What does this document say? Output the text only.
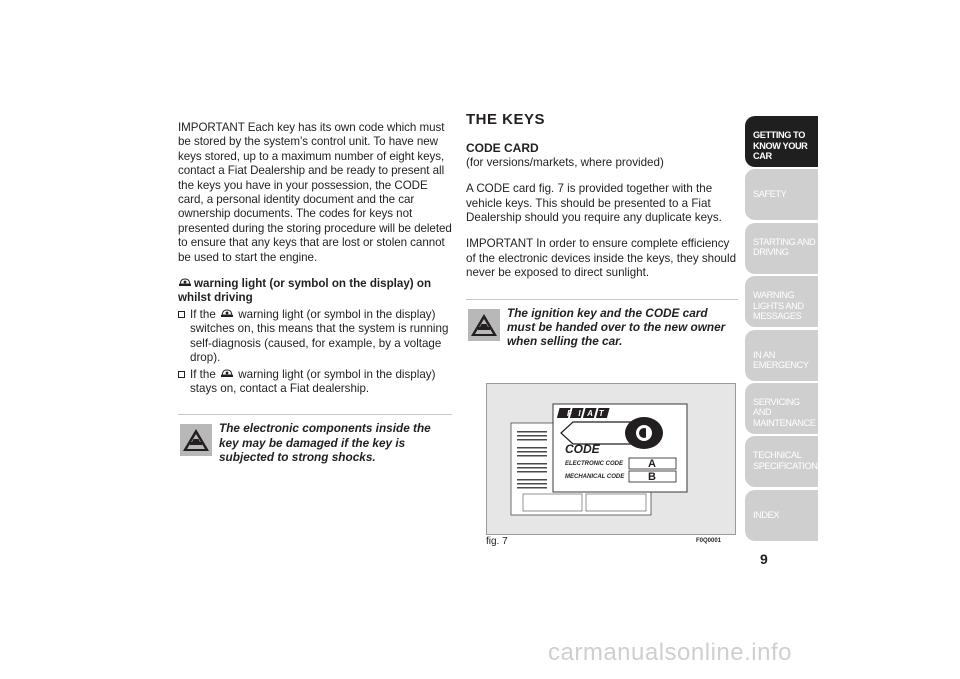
IMPORTANT Each key has its own code which must be stored by the system’s control unit. To have new keys stored, up to a maximum number of eight keys, contact a Fiat Dealership and be ready to present all the keys you have in your possession, the CODE card, a personal identity document and the car ownership documents. The codes for keys not presented during the storing procedure will be deleted to ensure that any keys that are lost or stolen cannot be used to start the engine.

warning light (or symbol on the display) on whilst driving

If the warning light (or symbol in the display) switches on, this means that the system is running self-diagnosis (caused, for example, by a voltage drop).
If the warning light (or symbol in the display) stays on, contact a Fiat dealership.

The electronic components inside the key may be damaged if the key is subjected to strong shocks.

THE KEYS
CODE CARD

(for versions/markets, where provided)

A CODE card fig. 7 is provided together with the vehicle keys. This should be presented to a Fiat Dealership should you require any duplicate keys.

IMPORTANT In order to ensure complete efficiency of the electronic devices inside the keys, they should never be exposed to direct sunlight.

The ignition key and the CODE card must be handed over to the new owner when selling the car.

FIAT
CODE
ELECTRONIC CODE A
MECHANICAL CODE B
fig. 7	F0Q0001
GETTING TO KNOW YOUR CAR
SAFETY
STARTING AND DRIVING
WARNING LIGHTS AND MESSAGES
IN AN EMERGENCY
SERVICING AND MAINTENANCE
TECHNICAL SPECIFICATIONS
INDEX
9
carmanualsonline.info
